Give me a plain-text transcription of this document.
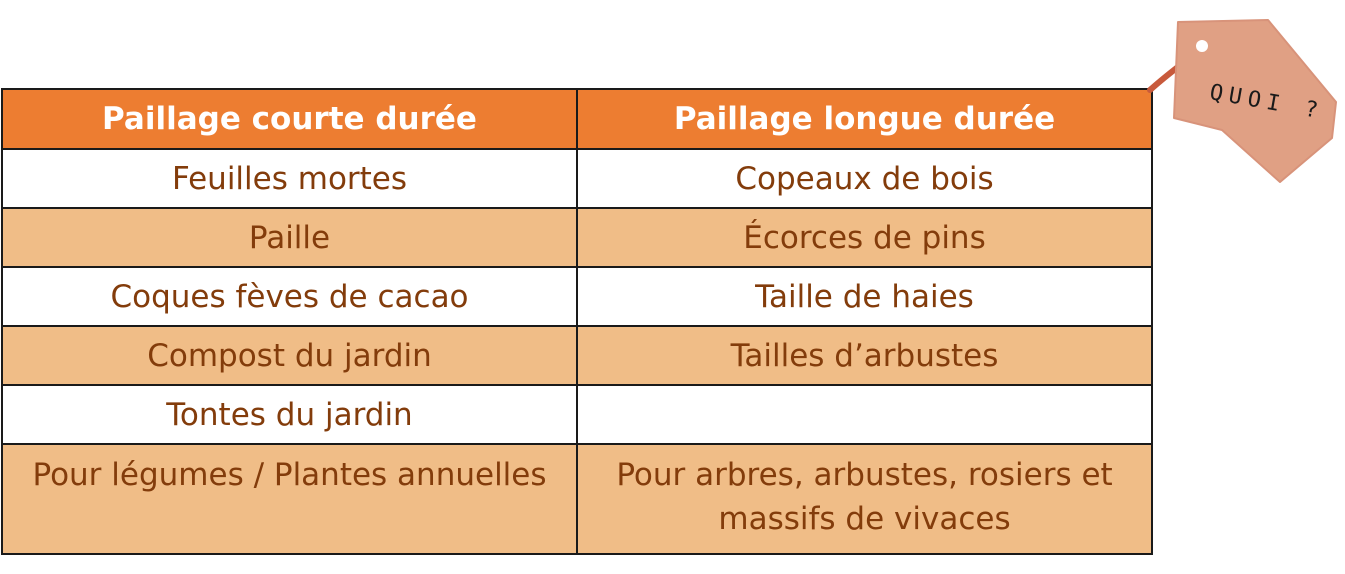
Paillage courte durée	Paillage longue durée
Feuilles mortes	Copeaux de bois
Paille	Écorces de pins
Coques fèves de cacao	Taille de haies
Compost du jardin	Tailles d’arbustes
Tontes du jardin	
Pour légumes / Plantes annuelles	Pour arbres, arbustes, rosiers et massifs de vivaces
QUOI ?
